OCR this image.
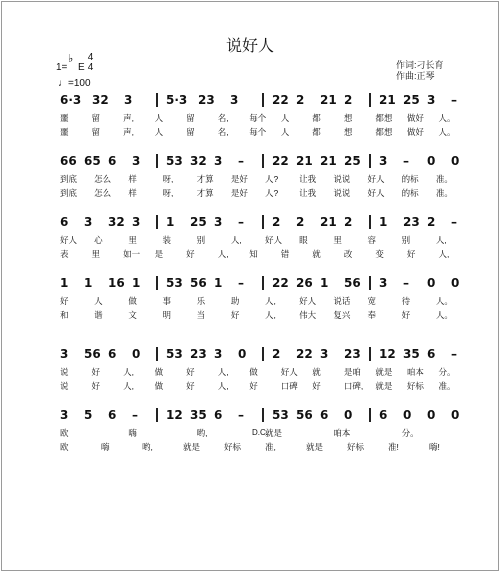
说好人
1=
♭
E
4
4
♩=100
作词:刁长育
作曲:正琴
6·3 32 3	5·3 23 3	22 2 21 2 21 25 3 –
噩	留	声, 人	留	名, 每个 人	都	想	都想 做好 人。
噩	留	声, 人	留	名, 每个 人	都	想	都想 做好 人。
66 65 6 3 53 32 3 – 22 21 21 25 3 – 0 0
到底 怎么 样	呀,	才算 是好 人? 让我 说说 好人 的标 准。
到底 怎么 样	呀,	才算 是好 人? 让我 说说 好人 的标 准。
6 3 32 3 1 25 3 – 2 2 21 2 1 23 2 –
好人 心	里	装	别	人,	好人 眼	里	容	别	人,
表	里	如一 是	好	人, 知	错	就	改	变	好	人,
1 1 16 1 53 56 1 – 22 26 1 56 3 – 0 0
好	人	做	事	乐	助	人,	好人 说话 宽	待	人。
和	谐	文	明	当	好	人,	伟大 复兴 奉	好	人。
3 56 6 0 53 23 3 0 2 22 3 23 12 35 6 –
说	好	人, 做	好	人, 做	好人 就	是咱 就是 咱本 分。
说	好	人, 做	好	人, 好	口碑 好	口碑, 就是 好标 准。
3 5 6 – 12 35 6 – 53 56 6 0 6 0 0 0
欧	嗨	哟,	就是	咱本	分。
欧	嗨	哟,	就是	好标	准,	就是	好标	准!	嗨!
D.C.
